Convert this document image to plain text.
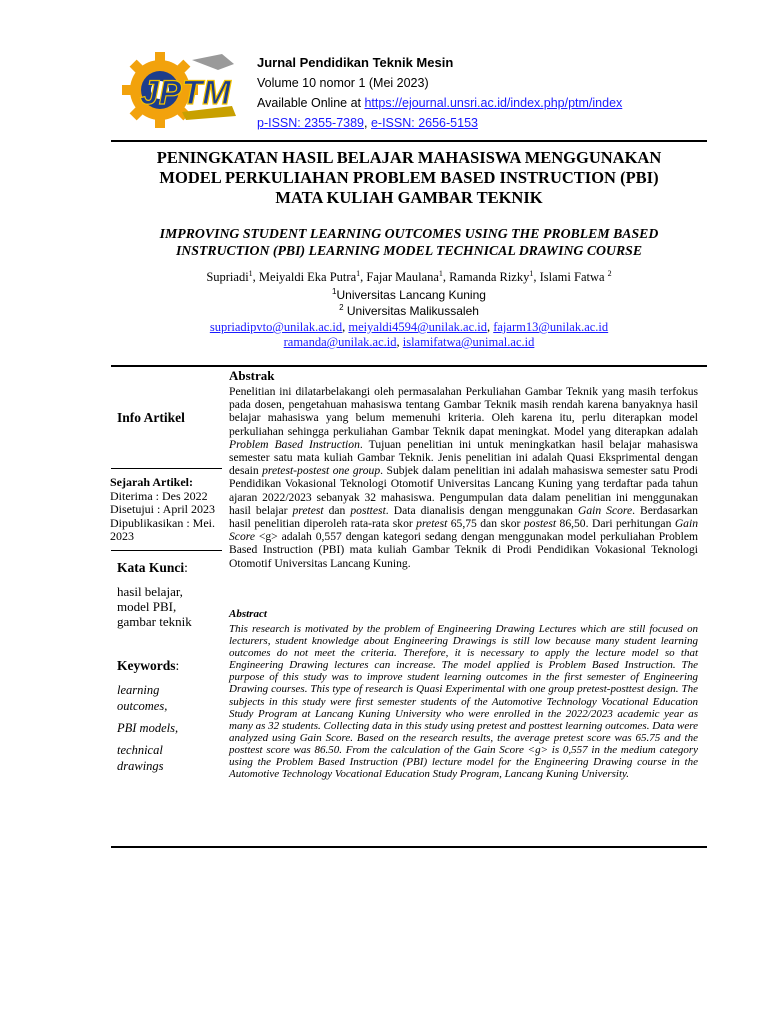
JPTM
Jurnal Pendidikan Teknik Mesin
Volume 10 nomor 1 (Mei 2023)
Available Online at https://ejournal.unsri.ac.id/index.php/ptm/index
p-ISSN: 2355-7389, e-ISSN: 2656-5153
PENINGKATAN HASIL BELAJAR MAHASISWA MENGGUNAKAN
MODEL PERKULIAHAN PROBLEM BASED INSTRUCTION (PBI)
MATA KULIAH GAMBAR TEKNIK
IMPROVING STUDENT LEARNING OUTCOMES USING THE PROBLEM BASED
INSTRUCTION (PBI) LEARNING MODEL TECHNICAL DRAWING COURSE
Supriadi$^1$, Meiyaldi Eka Putra$^1$, Fajar Maulana$^1$, Ramanda Rizky$^1$, Islami Fatwa $^2$
$^1$Universitas Lancang Kuning
$^2$ Universitas Malikussaleh
supriadipvto@unilak.ac.id, meiyaldi4594@unilak.ac.id, fajarm13@unilak.ac.id
ramanda@unilak.ac.id, islamifatwa@unimal.ac.id
Info Artikel
Sejarah Artikel:
Diterima : Des 2022
Disetujui : April 2023
Dipublikasikan : Mei.
2023
Kata Kunci:
hasil belajar,
model PBI,
gambar teknik
Keywords:
learning
outcomes,
PBI models,
technical
drawings
Abstrak
Penelitian ini dilatarbelakangi oleh permasalahan Perkuliahan Gambar Teknik yang masih terfokus pada dosen, pengetahuan mahasiswa tentang Gambar Teknik masih rendah karena banyaknya hasil belajar mahasiswa yang belum memenuhi kriteria. Oleh karena itu, perlu diterapkan model perkuliahan sehingga perkuliahan Gambar Teknik dapat meningkat. Model yang diterapkan adalah Problem Based Instruction. Tujuan penelitian ini untuk meningkatkan hasil belajar mahasiswa semester satu mata kuliah Gambar Teknik. Jenis penelitian ini adalah Quasi Eksprimental dengan desain pretest-postest one group. Subjek dalam penelitian ini adalah mahasiswa semester satu Prodi Pendidikan Vokasional Teknologi Otomotif Universitas Lancang Kuning yang terdaftar pada tahun ajaran 2022/2023 sebanyak 32 mahasiswa. Pengumpulan data dalam penelitian ini menggunakan hasil belajar pretest dan posttest. Data dianalisis dengan menggunakan Gain Score. Berdasarkan hasil penelitian diperoleh rata-rata skor pretest 65,75 dan skor postest 86,50. Dari perhitungan Gain Score <g> adalah 0,557 dengan kategori sedang dengan menggunakan model perkuliahan Problem Based Instruction (PBI) mata kuliah Gambar Teknik di Prodi Pendidikan Vokasional Teknologi Otomotif Universitas Lancang Kuning.
Abstract
This research is motivated by the problem of Engineering Drawing Lectures which are still focused on lecturers, student knowledge about Engineering Drawings is still low because many student learning outcomes do not meet the criteria. Therefore, it is necessary to apply the lecture model so that Engineering Drawing lectures can increase. The model applied is Problem Based Instruction. The purpose of this study was to improve student learning outcomes in the first semester of Engineering Drawing courses. This type of research is Quasi Experimental with one group pretest-posttest design. The subjects in this study were first semester students of the Automotive Technology Vocational Education Study Program at Lancang Kuning University who were enrolled in the 2022/2023 academic year as many as 32 students. Collecting data in this study using pretest and posttest learning outcomes. Data were analyzed using Gain Score. Based on the research results, the average pretest score was 65.75 and the posttest score was 86.50. From the calculation of the Gain Score <g> is 0,557 in the medium category using the Problem Based Instruction (PBI) lecture model for the Engineering Drawing course in the Automotive Technology Vocational Education Study Program, Lancang Kuning University.
